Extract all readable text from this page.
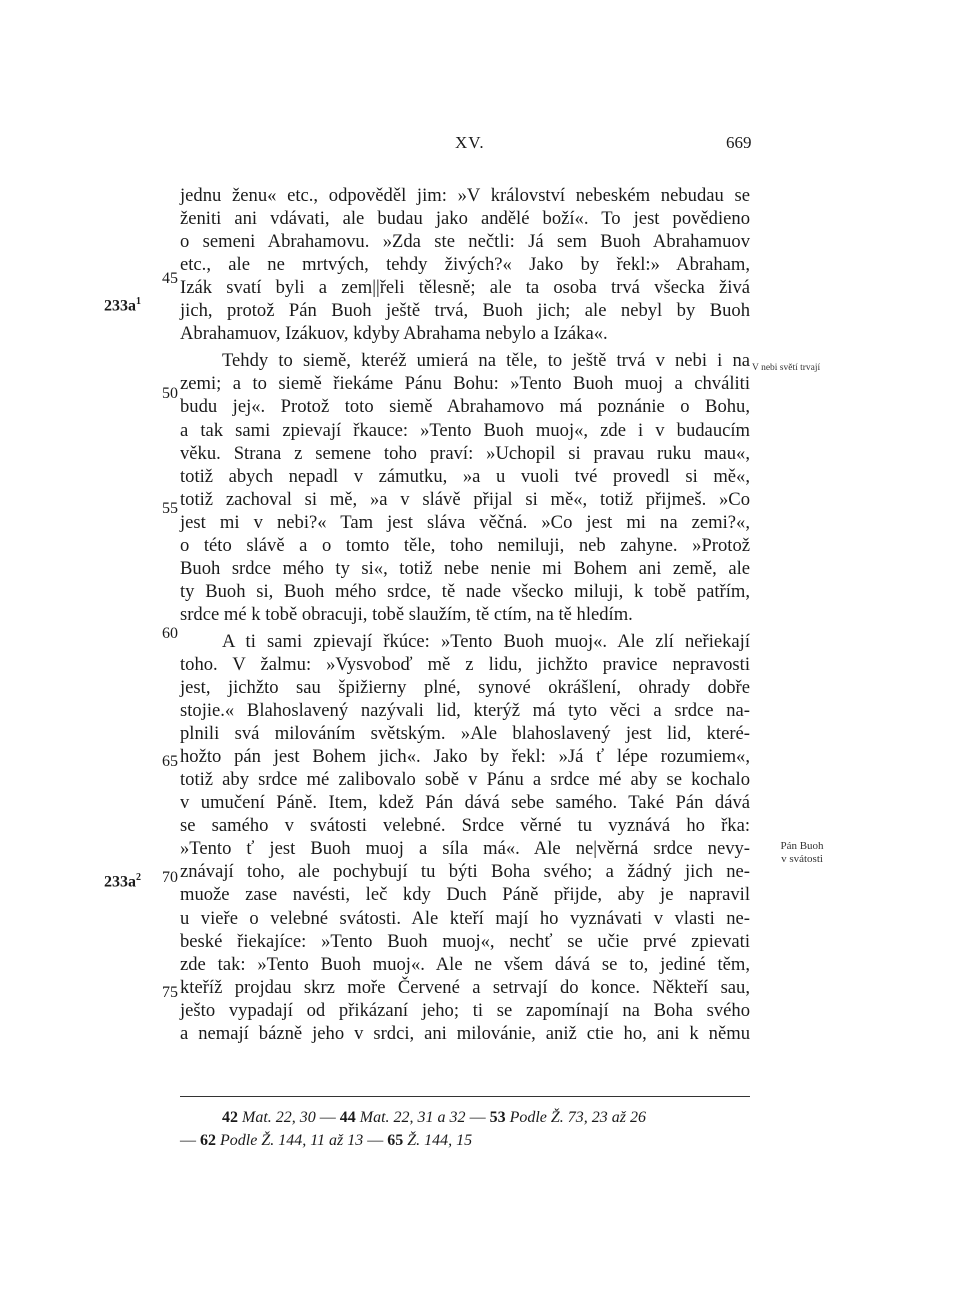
XV.	669
jednu ženu« etc., odpověděl jim: »V království nebeském nebudau se
ženiti ani vdávati, ale budau jako andělé boží«. To jest povědieno
o semeni Abrahamovu. »Zda ste nečtli: Já sem Buoh Abrahamuov
etc., ale ne mrtvých, tehdy živých?« Jako by řekl:» Abraham,
Izák svatí byli a zem||řeli tělesně; ale ta osoba trvá všecka živá
jich, protož Pán Buoh ještě trvá, Buoh jich; ale nebyl by Buoh
Abrahamuov, Izákuov, kdyby Abrahama nebylo a Izáka«.
Tehdy to siemě, kteréž umierá na těle, to ještě trvá v nebi i na
zemi; a to siemě řiekáme Pánu Bohu: »Tento Buoh muoj a chváliti
budu jej«. Protož toto siemě Abrahamovo má poznánie o Bohu,
a tak sami zpievají řkauce: »Tento Buoh muoj«, zde i v budaucím
věku. Strana z semene toho praví: »Uchopil si pravau ruku mau«,
totiž abych nepadl v zámutku, »a u vuoli tvé provedl si mě«,
totiž zachoval si mě, »a v slávě přijal si mě«, totiž přijmeš. »Co
jest mi v nebi?« Tam jest sláva věčná. »Co jest mi na zemi?«,
o této slávě a o tomto těle, toho nemiluji, neb zahyne. »Protož
Buoh srdce mého ty si«, totiž nebe nenie mi Bohem ani země, ale
ty Buoh si, Buoh mého srdce, tě nade všecko miluji, k tobě patřím,
srdce mé k tobě obracuji, tobě slaužím, tě ctím, na tě hledím.
A ti sami zpievají řkúce: »Tento Buoh muoj«. Ale zlí neřiekají
toho. V žalmu: »Vysvoboď mě z lidu, jichžto pravice nepravosti
jest, jichžto sau špižierny plné, synové okrášlení, ohrady dobře
stojie.« Blahoslavený nazývali lid, kterýž má tyto věci a srdce na-
plnili svá milováním světským. »Ale blahoslavený jest lid, které-
hožto pán jest Bohem jich«. Jako by řekl: »Já ť lépe rozumiem«,
totiž aby srdce mé zalibovalo sobě v Pánu a srdce mé aby se kochalo
v umučení Páně. Item, kdež Pán dává sebe samého. Také Pán dává
se samého v svátosti velebné. Srdce věrné tu vyznává ho řka:
»Tento ť jest Buoh muoj a síla má«. Ale ne|věrná srdce nevy-
znávají toho, ale pochybují tu býti Boha svého; a žádný jich ne-
muože zase navésti, leč kdy Duch Páně přijde, aby je napravil
u vieře o velebné svátosti. Ale kteří mají ho vyznávati v vlasti ne-
beské řiekajíce: »Tento Buoh muoj«, nechť se učie prvé zpievati
zde tak: »Tento Buoh muoj«. Ale ne všem dává se to, jediné těm,
kteříž projdau skrz moře Červené a setrvají do konce. Někteří sau,
ješto vypadají od přikázaní jeho; ti se zapomínají na Boha svého
a nemají bázně jeho v srdci, ani milovánie, aniž ctie ho, ani k němu
$233a^1$
$233a^2$
45
50
55
60
65
70
75
V nebi světí trvají
Pán Buoh
v svátosti
42 Mat. 22, 30 — 44 Mat. 22, 31 a 32 — 53 Podle Ž. 73, 23 až 26
— 62 Podle Ž. 144, 11 až 13 — 65 Ž. 144, 15
